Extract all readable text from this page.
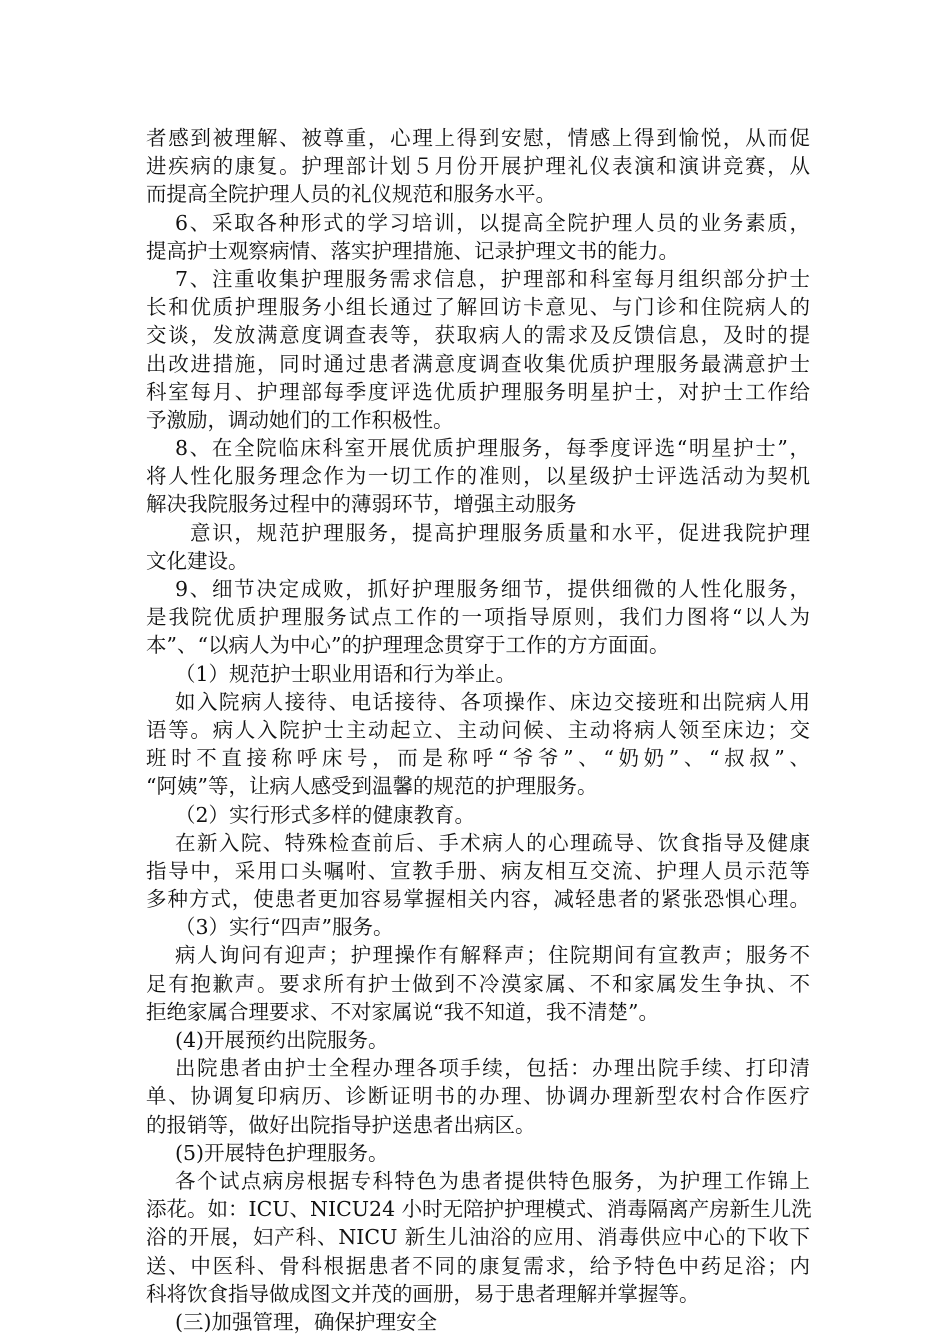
者感到被理解、被尊重，心理上得到安慰，情感上得到愉悦，从而促
进疾病的康复。护理部计划５月份开展护理礼仪表演和演讲竞赛，从
而提高全院护理人员的礼仪规范和服务水平。
6、采取各种形式的学习培训，以提高全院护理人员的业务素质，
提高护士观察病情、落实护理措施、记录护理文书的能力。
7、注重收集护理服务需求信息，护理部和科室每月组织部分护士
长和优质护理服务小组长通过了解回访卡意见、与门诊和住院病人的
交谈，发放满意度调查表等，获取病人的需求及反馈信息，及时的提
出改进措施，同时通过患者满意度调查收集优质护理服务最满意护士
科室每月、护理部每季度评选优质护理服务明星护士，对护士工作给
予激励，调动她们的工作积极性。
8、在全院临床科室开展优质护理服务，每季度评选“明星护士”，
将人性化服务理念作为一切工作的准则，以星级护士评选活动为契机
解决我院服务过程中的薄弱环节，增强主动服务
意识，规范护理服务，提高护理服务质量和水平，促进我院护理
文化建设。
9、细节决定成败，抓好护理服务细节，提供细微的人性化服务，
是我院优质护理服务试点工作的一项指导原则，我们力图将“以人为
本”、“以病人为中心”的护理理念贯穿于工作的方方面面。
（1）规范护士职业用语和行为举止。
如入院病人接待、电话接待、各项操作、床边交接班和出院病人用
语等。病人入院护士主动起立、主动问候、主动将病人领至床边；交
班时不直接称呼床号，而是称呼“爷爷”、“奶奶”、“叔叔”、
“阿姨”等，让病人感受到温馨的规范的护理服务。
（2）实行形式多样的健康教育。
在新入院、特殊检查前后、手术病人的心理疏导、饮食指导及健康
指导中，采用口头嘱咐、宣教手册、病友相互交流、护理人员示范等
多种方式，使患者更加容易掌握相关内容，减轻患者的紧张恐惧心理。
（3）实行“四声”服务。
病人询问有迎声；护理操作有解释声；住院期间有宣教声；服务不
足有抱歉声。要求所有护士做到不冷漠家属、不和家属发生争执、不
拒绝家属合理要求、不对家属说“我不知道，我不清楚”。
(4)开展预约出院服务。
出院患者由护士全程办理各项手续，包括：办理出院手续、打印清
单、协调复印病历、诊断证明书的办理、协调办理新型农村合作医疗
的报销等，做好出院指导护送患者出病区。
(5)开展特色护理服务。
各个试点病房根据专科特色为患者提供特色服务，为护理工作锦上
添花。如：ICU、NICU24 小时无陪护护理模式、消毒隔离产房新生儿洗
浴的开展，妇产科、NICU 新生儿油浴的应用、消毒供应中心的下收下
送、中医科、骨科根据患者不同的康复需求，给予特色中药足浴；内
科将饮食指导做成图文并茂的画册，易于患者理解并掌握等。
(三)加强管理，确保护理安全
